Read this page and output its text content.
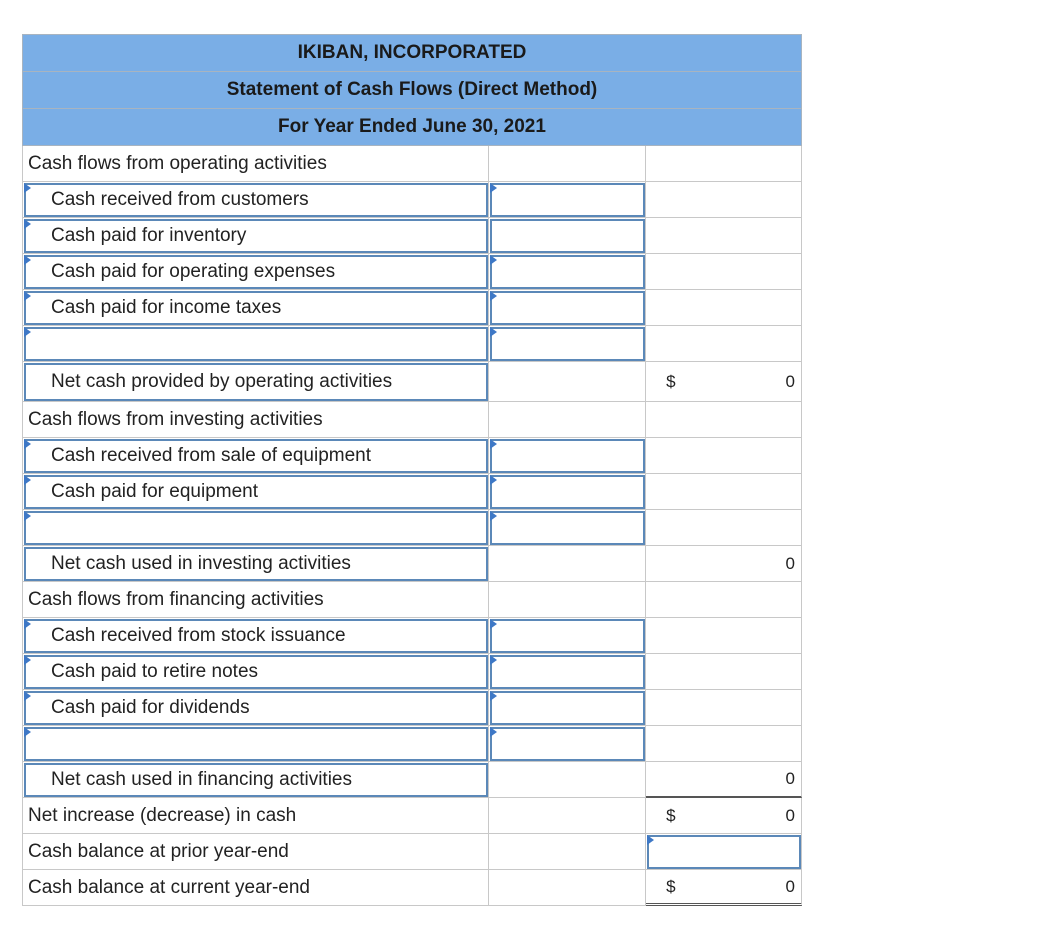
IKIBAN, INCORPORATED
Statement of Cash Flows (Direct Method)
For Year Ended June 30, 2021
Cash flows from operating activities
Cash received from customers
Cash paid for inventory
Cash paid for operating expenses
Cash paid for income taxes
Net cash provided by operating activities	$	0
Cash flows from investing activities
Cash received from sale of equipment
Cash paid for equipment
Net cash used in investing activities	0
Cash flows from financing activities
Cash received from stock issuance
Cash paid to retire notes
Cash paid for dividends
Net cash used in financing activities	0
Net increase (decrease) in cash	$	0
Cash balance at prior year-end
Cash balance at current year-end	$	0
